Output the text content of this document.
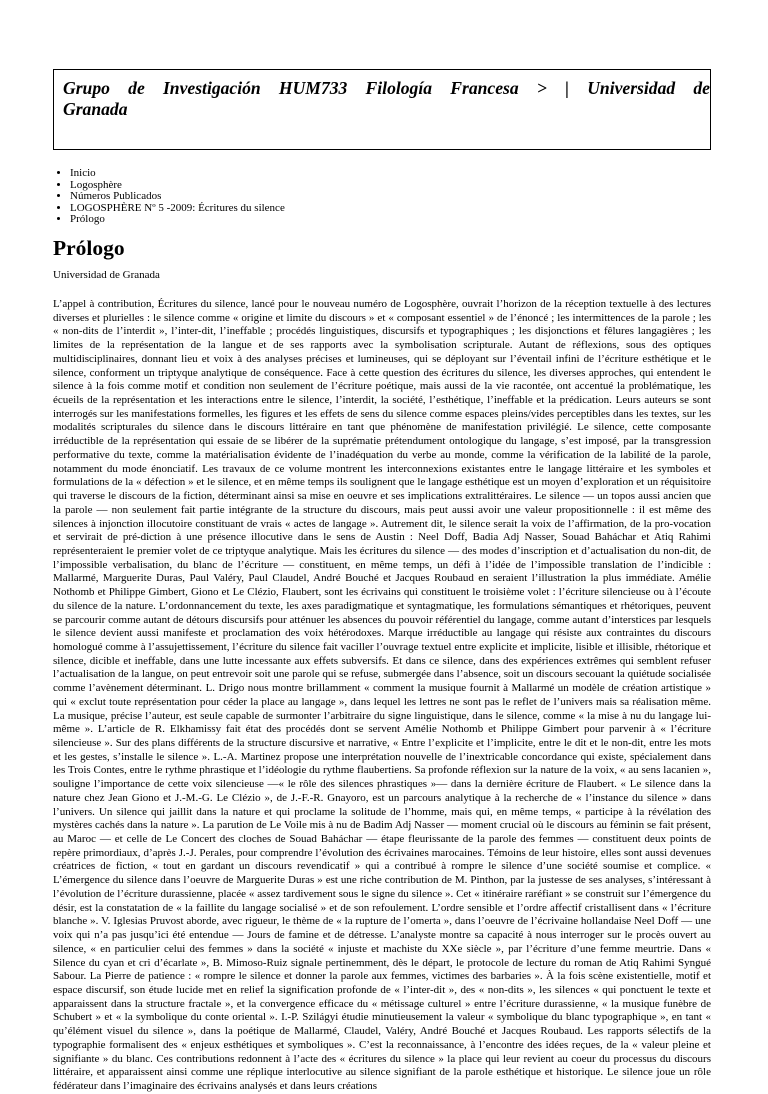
Grupo de Investigación HUM733 Filología Francesa > | Universidad de
Granada
• Inicio
• Logosphère
• Números Publicados
• LOGOSPHÈRE Nº 5 -2009: Écritures du silence
• Prólogo
Prólogo

Universidad de Granada

L’appel à contribution, Écritures du silence, lancé pour le nouveau numéro de Logosphère, ouvrait l’horizon de la réception textuelle à des lectures diverses et plurielles : le silence comme « origine et limite du discours » et « composant essentiel » de l’énoncé ; les intermittences de la parole ; les « non-dits de l’interdit », l’inter-dit, l’ineffable ; procédés linguistiques, discursifs et typographiques ; les disjonctions et fêlures langagières ; les limites de la représentation de la langue et de ses rapports avec la symbolisation scripturale. Autant de réflexions, sous des optiques multidisciplinaires, donnant lieu et voix à des analyses précises et lumineuses, qui se déployant sur l’éventail infini de l’écriture esthétique et le silence, conforment un triptyque analytique de conséquence. Face à cette question des écritures du silence, les diverses approches, qui entendent le silence à la fois comme motif et condition non seulement de l’écriture poétique, mais aussi de la vie racontée, ont accentué la problématique, les écueils de la représentation et les interactions entre le silence, l’interdit, la société, l’esthétique, l’ineffable et la prédication. Leurs auteurs se sont interrogés sur les manifestations formelles, les figures et les effets de sens du silence comme espaces pleins/vides perceptibles dans les textes, sur les modalités scripturales du silence dans le discours littéraire en tant que phénomène de manifestation privilégié. Le silence, cette composante irréductible de la représentation qui essaie de se libérer de la suprématie prétendument ontologique du langage, s’est imposé, par la transgression performative du texte, comme la matérialisation évidente de l’inadéquation du verbe au monde, comme la vérification de la labilité de la parole, notamment du mode énonciatif. Les travaux de ce volume montrent les interconnexions existantes entre le langage littéraire et les symboles et formulations de la « défection » et le silence, et en même temps ils soulignent que le langage esthétique est un moyen d’exploration et un réquisitoire qui traverse le discours de la fiction, déterminant ainsi sa mise en oeuvre et ses implications extralittéraires. Le silence — un topos aussi ancien que la parole — non seulement fait partie intégrante de la structure du discours, mais peut aussi avoir une valeur propositionnelle : il est même des silences à injonction illocutoire constituant de vrais « actes de langage ». Autrement dit, le silence serait la voix de l’affirmation, de la pro-vocation et servirait de pré-diction à une présence illocutive dans le sens de Austin : Neel Doff, Badia Adj Nasser, Souad Baháchar et Atiq Rahimi représenteraient le premier volet de ce triptyque analytique. Mais les écritures du silence — des modes d’inscription et d’actualisation du non-dit, de l’impossible verbalisation, du blanc de l’écriture — constituent, en même temps, un défi à l’idée de l’impossible translation de l’indicible : Mallarmé, Marguerite Duras, Paul Valéry, Paul Claudel, André Bouché et Jacques Roubaud en seraient l’illustration la plus immédiate. Amélie Nothomb et Philippe Gimbert, Giono et Le Clézio, Flaubert, sont les écrivains qui constituent le troisième volet : l’écriture silencieuse ou à l’écoute du silence de la nature. L’ordonnancement du texte, les axes paradigmatique et syntagmatique, les formulations sémantiques et rhétoriques, peuvent se parcourir comme autant de détours discursifs pour atténuer les absences du pouvoir référentiel du langage, comme autant d’interstices par lesquels le silence devient aussi manifeste et proclamation des voix hétérodoxes. Marque irréductible au langage qui résiste aux contraintes du discours homologué comme à l’assujettissement, l’écriture du silence fait vaciller l’ouvrage textuel entre explicite et implicite, lisible et illisible, rhétorique et silence, dicible et ineffable, dans une lutte incessante aux effets subversifs. Et dans ce silence, dans des expériences extrêmes qui semblent refuser l’actualisation de la langue, on peut entrevoir soit une parole qui se refuse, submergée dans l’absence, soit un discours secouant la quiétude socialisée comme l’avènement déterminant. L. Drigo nous montre brillamment « comment la musique fournit à Mallarmé un modèle de création artistique » qui « exclut toute représentation pour céder la place au langage », dans lequel les lettres ne sont pas le reflet de l’univers mais sa réalisation même. La musique, précise l’auteur, est seule capable de surmonter l’arbitraire du signe linguistique, dans le silence, comme « la mise à nu du langage lui-même ». L’article de R. Elkhamissy fait état des procédés dont se servent Amélie Nothomb et Philippe Gimbert pour parvenir à « l’écriture silencieuse ». Sur des plans différents de la structure discursive et narrative, « Entre l’explicite et l’implicite, entre le dit et le non-dit, entre les mots et les gestes, s’installe le silence ». L.-A. Martinez propose une interprétation nouvelle de l’inextricable concordance qui existe, spécialement dans les Trois Contes, entre le rythme phrastique et l’idéologie du rythme flaubertiens. Sa profonde réflexion sur la nature de la voix, « au sens lacanien », souligne l’importance de cette voix silencieuse —« le rôle des silences phrastiques »— dans la dernière écriture de Flaubert. « Le silence dans la nature chez Jean Giono et J.-M.-G. Le Clézio », de J.-F.-R. Gnayoro, est un parcours analytique à la recherche de « l’instance du silence » dans l’univers. Un silence qui jaillit dans la nature et qui proclame la solitude de l’homme, mais qui, en même temps, « participe à la révélation des mystères cachés dans la nature ». La parution de Le Voile mis à nu de Badim Adj Nasser — moment crucial où le discours au féminin se fait présent, au Maroc — et celle de Le Concert des cloches de Souad Baháchar — étape fleurissante de la parole des femmes — constituent deux points de repère primordiaux, d’après J.-J. Perales, pour comprendre l’évolution des écrivaines marocaines. Témoins de leur histoire, elles sont aussi devenues créatrices de fiction, « tout en gardant un discours revendicatif » qui a contribué à rompre le silence d’une société soumise et complice. « L’émergence du silence dans l’oeuvre de Marguerite Duras » est une riche contribution de M. Pinthon, par la justesse de ses analyses, s’intéressant à l’évolution de l’écriture durassienne, placée « assez tardivement sous le signe du silence ». Cet « itinéraire raréfiant » se construit sur l’émergence du désir, est la constatation de « la faillite du langage socialisé » et de son refoulement. L’ordre sensible et l’ordre affectif cristallisent dans « l’écriture blanche ». V. Iglesias Pruvost aborde, avec rigueur, le thème de « la rupture de l’omerta », dans l’oeuvre de l’écrivaine hollandaise Neel Doff — une voix qui n’a pas jusqu’ici été entendue — Jours de famine et de détresse. L’analyste montre sa capacité à nous interroger sur le procès ouvert au silence, « en particulier celui des femmes » dans la société « injuste et machiste du XXe siècle », par l’écriture d’une femme meurtrie. Dans « Silence du cyan et cri d’écarlate », B. Mimoso-Ruiz signale pertinemment, dès le départ, le protocole de lecture du roman de Atiq Rahimi Syngué Sabour. La Pierre de patience : « rompre le silence et donner la parole aux femmes, victimes des barbaries ». À la fois scène existentielle, motif et espace discursif, son étude lucide met en relief la signification profonde de « l’inter-dit », des « non-dits », les silences « qui ponctuent le texte et apparaissent dans la structure fractale », et la convergence efficace du « métissage culturel » entre l’écriture durassienne, « la musique funèbre de Schubert » et « la symbolique du conte oriental ». I.-P. Szilágyi étudie minutieusement la valeur « symbolique du blanc typographique », en tant « qu’élément visuel du silence », dans la poétique de Mallarmé, Claudel, Valéry, André Bouché et Jacques Roubaud. Les rapports sélectifs de la typographie formalisent des « enjeux esthétiques et symboliques ». C’est la reconnaissance, à l’encontre des idées reçues, de la « valeur pleine et signifiante » du blanc. Ces contributions redonnent à l’acte des « écritures du silence » la place qui leur revient au coeur du processus du discours littéraire, et apparaissent ainsi comme une réplique interlocutive au silence signifiant de la parole esthétique et historique. Le silence joue un rôle fédérateur dans l’imaginaire des écrivains analysés et dans leurs créations
